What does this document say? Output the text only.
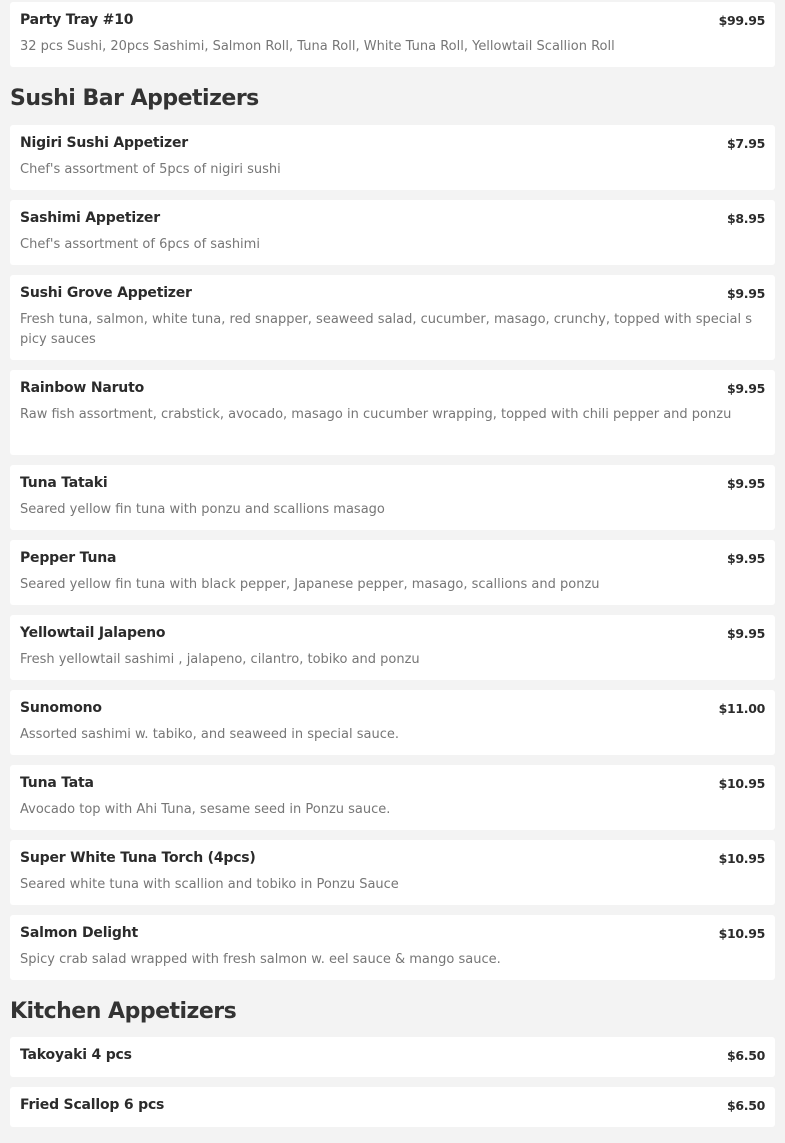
Party Tray #10	$99.95
32 pcs Sushi, 20pcs Sashimi, Salmon Roll, Tuna Roll, White Tuna Roll, Yellowtail Scallion Roll
Sushi Bar Appetizers
Nigiri Sushi Appetizer	$7.95
Chef's assortment of 5pcs of nigiri sushi
Sashimi Appetizer	$8.95
Chef's assortment of 6pcs of sashimi
Sushi Grove Appetizer	$9.95
Fresh tuna, salmon, white tuna, red snapper, seaweed salad, cucumber, masago, crunchy, topped with special spicy sauces
Rainbow Naruto	$9.95
Raw fish assortment, crabstick, avocado, masago in cucumber wrapping, topped with chili pepper and ponzu
Tuna Tataki	$9.95
Seared yellow fin tuna with ponzu and scallions masago
Pepper Tuna	$9.95
Seared yellow fin tuna with black pepper, Japanese pepper, masago, scallions and ponzu
Yellowtail Jalapeno	$9.95
Fresh yellowtail sashimi , jalapeno, cilantro, tobiko and ponzu
Sunomono	$11.00
Assorted sashimi w. tabiko, and seaweed in special sauce.
Tuna Tata	$10.95
Avocado top with Ahi Tuna, sesame seed in Ponzu sauce.
Super White Tuna Torch (4pcs)	$10.95
Seared white tuna with scallion and tobiko in Ponzu Sauce
Salmon Delight	$10.95
Spicy crab salad wrapped with fresh salmon w. eel sauce & mango sauce.
Kitchen Appetizers
Takoyaki 4 pcs	$6.50
Fried Scallop 6 pcs	$6.50
